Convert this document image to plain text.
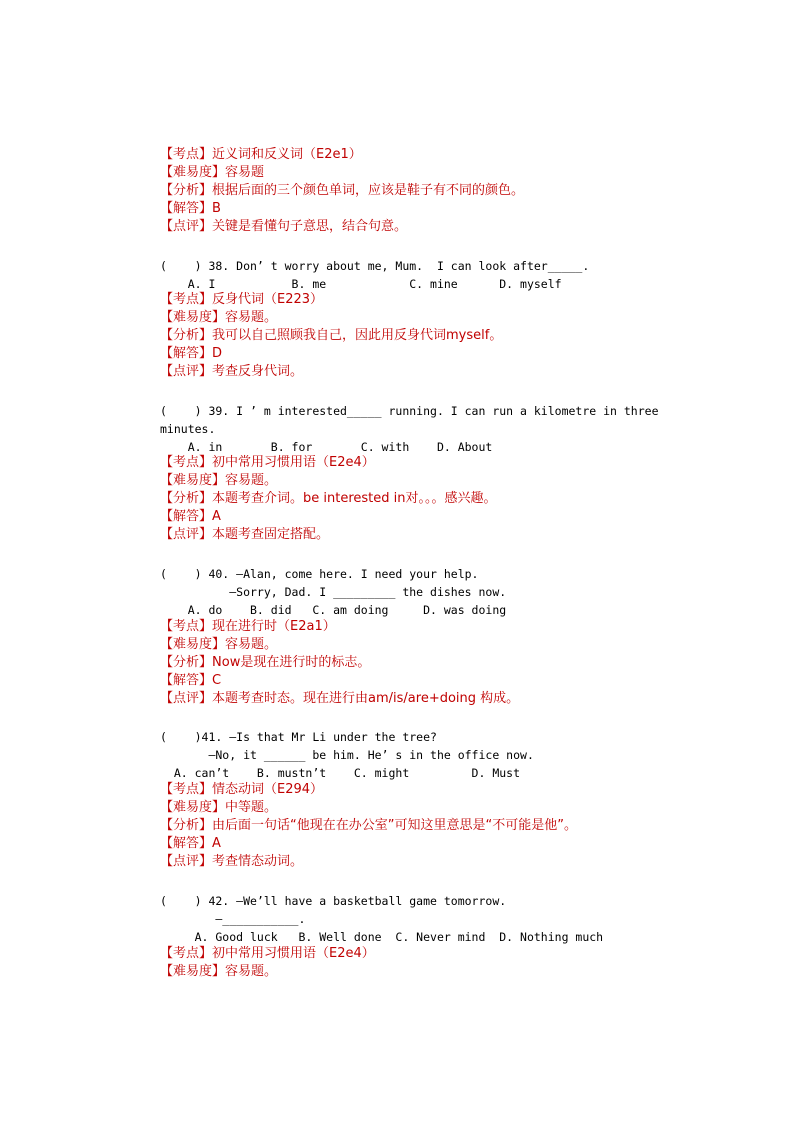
【考点】近义词和反义词（E2e1）
【难易度】容易题
【分析】根据后面的三个颜色单词，应该是鞋子有不同的颜色。
【解答】B
【点评】关键是看懂句子意思，结合句意。
(    ) 38. Don’ t worry about me, Mum.  I can look after_____.
A. I           B. me            C. mine      D. myself
【考点】反身代词（E223）
【难易度】容易题。
【分析】我可以自己照顾我自己，因此用反身代词myself。
【解答】D
【点评】考查反身代词。
(    ) 39. I ’ m interested_____ running. I can run a kilometre in three
minutes.
A. in       B. for       C. with    D. About
【考点】初中常用习惯用语（E2e4）
【难易度】容易题。
【分析】本题考查介词。be interested in对。。。感兴趣。
【解答】A
【点评】本题考查固定搭配。
(    ) 40. —Alan, come here. I need your help.
—Sorry, Dad. I _________ the dishes now.
A. do    B. did   C. am doing     D. was doing
【考点】现在进行时（E2a1）
【难易度】容易题。
【分析】Now是现在进行时的标志。
【解答】C
【点评】本题考查时态。现在进行由am/is/are+doing 构成。
(    )41. —Is that Mr Li under the tree?
—No, it ______ be him. He’ s in the office now.
A. can’t    B. mustn’t    C. might         D. Must
【考点】情态动词（E294）
【难易度】中等题。
【分析】由后面一句话“他现在在办公室”可知这里意思是“不可能是他”。
【解答】A
【点评】考查情态动词。
(    ) 42. —We’ll have a basketball game tomorrow.
—___________.
A. Good luck   B. Well done  C. Never mind  D. Nothing much
【考点】初中常用习惯用语（E2e4）
【难易度】容易题。
